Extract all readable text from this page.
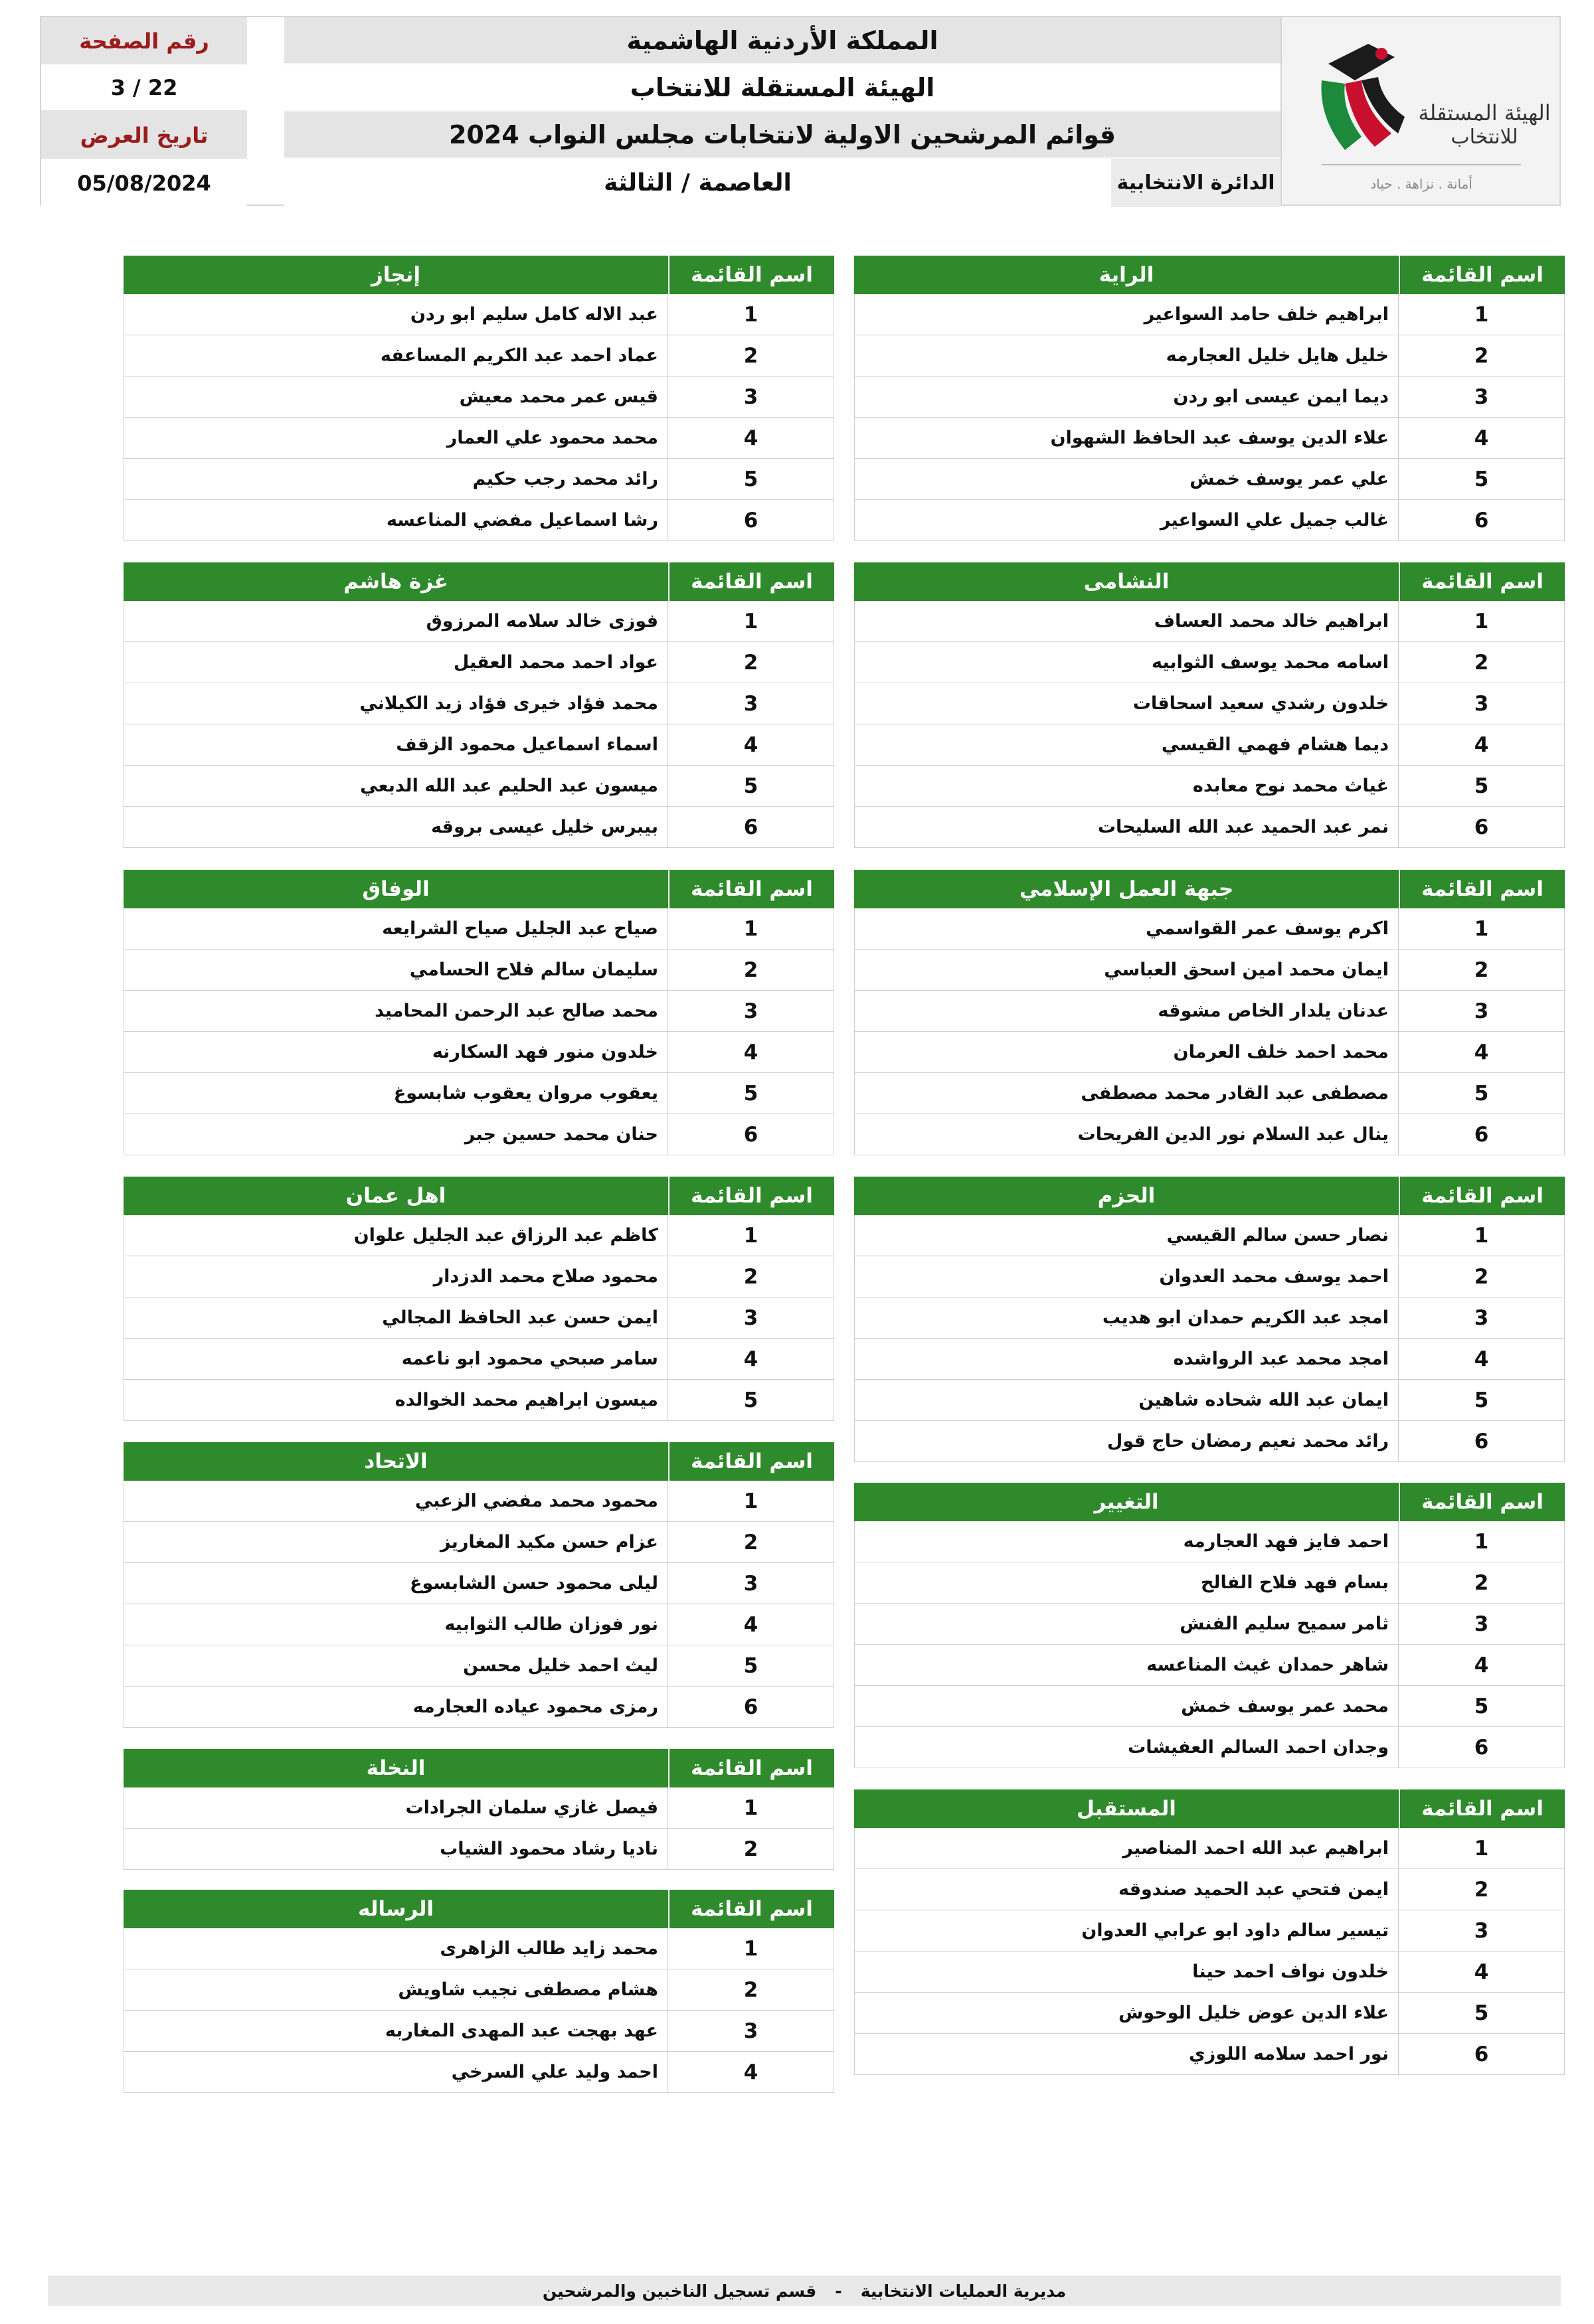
الهيئة المستقلة
للانتخاب
أمانة . نزاهة . حياد
المملكة الأردنية الهاشمية
الهيئة المستقلة للانتخاب
قوائم المرشحين الاولية لانتخابات مجلس النواب 2024
الدائرة الانتخابية
العاصمة / الثالثة
رقم الصفحة
3 / 22
تاريخ العرض
05/08/2024
الراية	اسم القائمة
ابراهيم خلف حامد السواعير	1
خليل هايل خليل العجارمه	2
ديما ايمن عيسى ابو ردن	3
علاء الدين يوسف عبد الحافظ الشهوان	4
علي عمر يوسف خمش	5
غالب جميل علي السواعير	6
النشامى	اسم القائمة
ابراهيم خالد محمد العساف	1
اسامه محمد يوسف الثوابيه	2
خلدون رشدي سعيد اسحاقات	3
ديما هشام فهمي القيسي	4
غياث محمد نوح معابده	5
نمر عبد الحميد عبد الله السليحات	6
جبهة العمل الإسلامي	اسم القائمة
اكرم يوسف عمر القواسمي	1
ايمان محمد امين اسحق العباسي	2
عدنان يلدار الخاص مشوقه	3
محمد احمد خلف العرمان	4
مصطفى عبد القادر محمد مصطفى	5
ينال عبد السلام نور الدين الفريحات	6
الحزم	اسم القائمة
نصار حسن سالم القيسي	1
احمد يوسف محمد العدوان	2
امجد عبد الكريم حمدان ابو هديب	3
امجد محمد عبد الرواشده	4
ايمان عبد الله شحاده شاهين	5
رائد محمد نعيم رمضان حاج قول	6
التغيير	اسم القائمة
احمد فايز فهد العجارمه	1
بسام فهد فلاح الفالح	2
ثامر سميح سليم الفنش	3
شاهر حمدان غيث المناعسه	4
محمد عمر يوسف خمش	5
وجدان احمد السالم العفيشات	6
المستقبل	اسم القائمة
ابراهيم عبد الله احمد المناصير	1
ايمن فتحي عبد الحميد صندوقه	2
تيسير سالم داود ابو عرابي العدوان	3
خلدون نواف احمد حينا	4
علاء الدين عوض خليل الوحوش	5
نور احمد سلامه اللوزي	6
إنجاز	اسم القائمة
عبد الاله كامل سليم ابو ردن	1
عماد احمد عبد الكريم المساعفه	2
قيس عمر محمد معيش	3
محمد محمود علي العمار	4
رائد محمد رجب حكيم	5
رشا اسماعيل مفضي المناعسه	6
غزة هاشم	اسم القائمة
فوزى خالد سلامه المرزوق	1
عواد احمد محمد العقيل	2
محمد فؤاد خيرى فؤاد زيد الكيلاني	3
اسماء اسماعيل محمود الزقف	4
ميسون عبد الحليم عبد الله الدبعي	5
بيبرس خليل عيسى بروقه	6
الوفاق	اسم القائمة
صياح عبد الجليل صياح الشرايعه	1
سليمان سالم فلاح الحسامي	2
محمد صالح عبد الرحمن المحاميد	3
خلدون منور فهد السكارنه	4
يعقوب مروان يعقوب شابسوغ	5
حنان محمد حسين جبر	6
اهل عمان	اسم القائمة
كاظم عبد الرزاق عبد الجليل علوان	1
محمود صلاح محمد الدزدار	2
ايمن حسن عبد الحافظ المجالي	3
سامر صبحي محمود ابو ناعمه	4
ميسون ابراهيم محمد الخوالده	5
الاتحاد	اسم القائمة
محمود محمد مفضي الزعبي	1
عزام حسن مكيد المغاريز	2
ليلى محمود حسن الشابسوغ	3
نور فوزان طالب الثوابيه	4
ليث احمد خليل محسن	5
رمزى محمود عياده العجارمه	6
النخلة	اسم القائمة
فيصل غازي سلمان الجرادات	1
ناديا رشاد محمود الشياب	2
الرساله	اسم القائمة
محمد زايد طالب الزاهرى	1
هشام مصطفى نجيب شاويش	2
عهد بهجت عبد المهدى المغاربه	3
احمد وليد علي السرخي	4
مديرية العمليات الانتخابية
-
قسم تسجيل الناخبين والمرشحين
